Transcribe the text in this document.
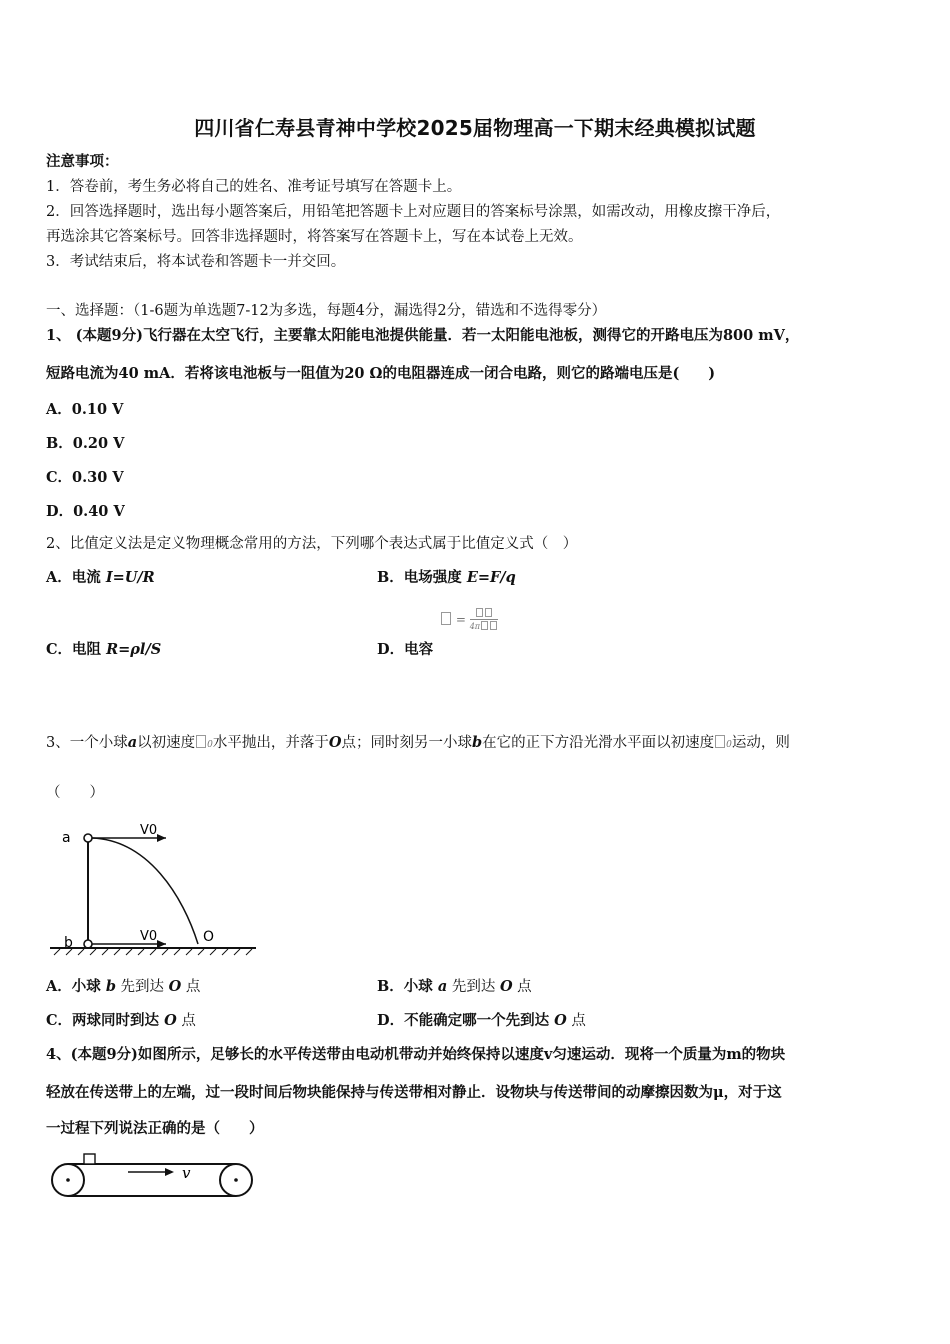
四川省仁寿县青神中学校2025届物理高一下期末经典模拟试题
注意事项：
1．答卷前，考生务必将自己的姓名、准考证号填写在答题卡上。
2．回答选择题时，选出每小题答案后，用铅笔把答题卡上对应题目的答案标号涂黑，如需改动，用橡皮擦干净后，
再选涂其它答案标号。回答非选择题时，将答案写在答题卡上，写在本试卷上无效。
3．考试结束后，将本试卷和答题卡一并交回。
一、选择题：（1-6题为单选题7-12为多选，每题4分，漏选得2分，错选和不选得零分）
1、 (本题9分)飞行器在太空飞行，主要靠太阳能电池提供能量．若一太阳能电池板，测得它的开路电压为800 mV，
短路电流为40 mA．若将该电池板与一阻值为20 Ω的电阻器连成一闭合电路，则它的路端电压是(　　)
A．0.10 V
B．0.20 V
C．0.30 V
D．0.40 V
2、比值定义法是定义物理概念常用的方法，下列哪个表达式属于比值定义式（　）
A．电流 I=U/R	B．电场强度 E=F/q
= 4π
C．电阻 R=ρl/S	D．电容
3、一个小球a以初速度 0水平抛出，并落于O点；同时刻另一小球b在它的正下方沿光滑水平面以初速度 0运动，则
（　　）
a
b
V0
V0	O
A．小球 b 先到达 O 点	B．小球 a 先到达 O 点
C．两球同时到达 O 点	D．不能确定哪一个先到达 O 点
4、(本题9分)如图所示，足够长的水平传送带由电动机带动并始终保持以速度v匀速运动．现将一个质量为m的物块
轻放在传送带上的左端，过一段时间后物块能保持与传送带相对静止．设物块与传送带间的动摩擦因数为μ，对于这
一过程下列说法正确的是（　　）
v
